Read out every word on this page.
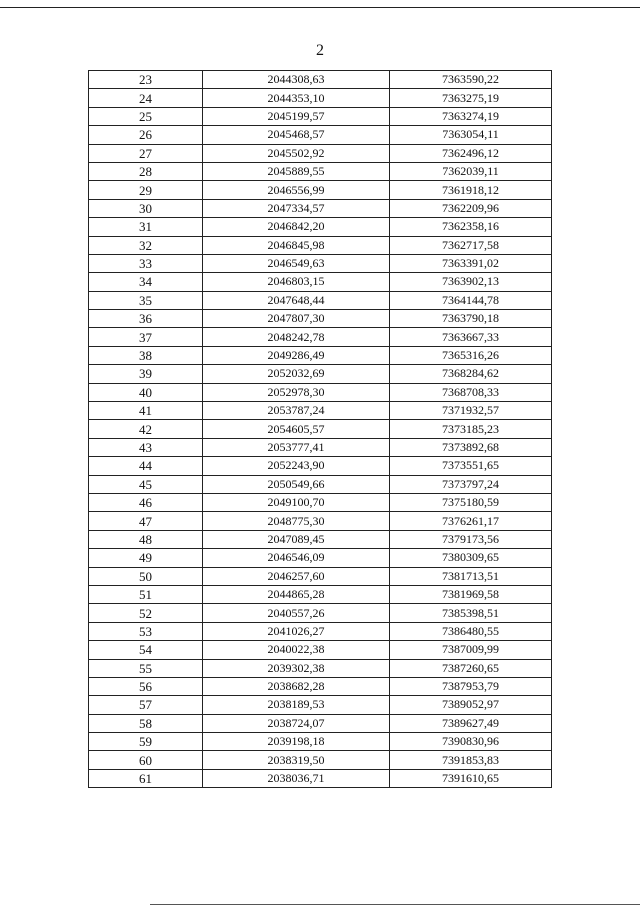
2
23	2044308,63	7363590,22
24	2044353,10	7363275,19
25	2045199,57	7363274,19
26	2045468,57	7363054,11
27	2045502,92	7362496,12
28	2045889,55	7362039,11
29	2046556,99	7361918,12
30	2047334,57	7362209,96
31	2046842,20	7362358,16
32	2046845,98	7362717,58
33	2046549,63	7363391,02
34	2046803,15	7363902,13
35	2047648,44	7364144,78
36	2047807,30	7363790,18
37	2048242,78	7363667,33
38	2049286,49	7365316,26
39	2052032,69	7368284,62
40	2052978,30	7368708,33
41	2053787,24	7371932,57
42	2054605,57	7373185,23
43	2053777,41	7373892,68
44	2052243,90	7373551,65
45	2050549,66	7373797,24
46	2049100,70	7375180,59
47	2048775,30	7376261,17
48	2047089,45	7379173,56
49	2046546,09	7380309,65
50	2046257,60	7381713,51
51	2044865,28	7381969,58
52	2040557,26	7385398,51
53	2041026,27	7386480,55
54	2040022,38	7387009,99
55	2039302,38	7387260,65
56	2038682,28	7387953,79
57	2038189,53	7389052,97
58	2038724,07	7389627,49
59	2039198,18	7390830,96
60	2038319,50	7391853,83
61	2038036,71	7391610,65
